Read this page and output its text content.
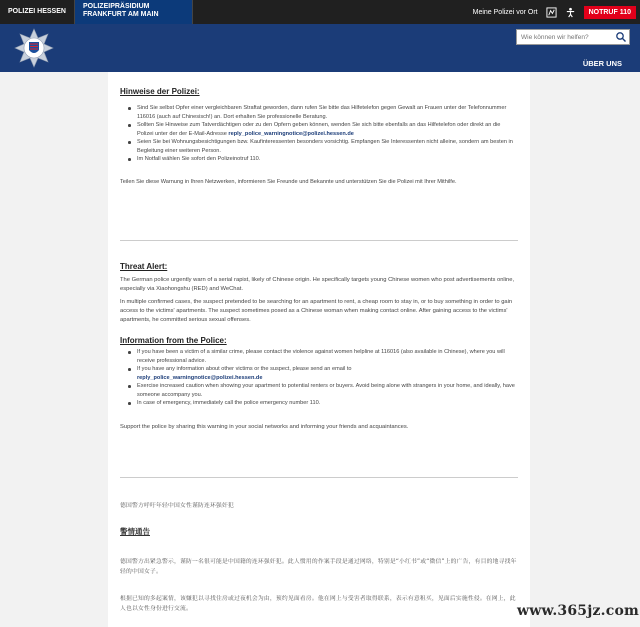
POLIZEI HESSEN
POLIZEIPRÄSIDIUM FRANKFURT AM MAIN	Meine Polizei vor Ort	NOTRUF 110
Wie können wir helfen?
ÜBER UNS
Hinweise der Polizei:
Sind Sie selbst Opfer einer vergleichbaren Straftat geworden, dann rufen Sie bitte das Hilfetelefon gegen Gewalt an Frauen unter der Telefonnummer 116016 (auch auf Chinesisch!) an. Dort erhalten Sie professionelle Beratung.
Sollten Sie Hinweise zum Tatverdächtigen oder zu den Opfern geben können, wenden Sie sich bitte ebenfalls an das Hilfetelefon oder direkt an die Polizei unter der der E-Mail-Adresse reply_police_warningnotice@polizei.hessen.de
Seien Sie bei Wohnungsbesichtigungen bzw. Kaufinteressenten besonders vorsichtig. Empfangen Sie Interessenten nicht alleine, sondern am besten in Begleitung einer weiteren Person.
Im Notfall wählen Sie sofort den Polizeinotruf 110.

Teilen Sie diese Warnung in Ihren Netzwerken, informieren Sie Freunde und Bekannte und unterstützen Sie die Polizei mit Ihrer Mithilfe.

Threat Alert:

The German police urgently warn of a serial rapist, likely of Chinese origin. He specifically targets young Chinese women who post advertisements online, especially via Xiaohongshu (RED) and WeChat.

In multiple confirmed cases, the suspect pretended to be searching for an apartment to rent, a cheap room to stay in, or to buy something in order to gain access to the victims' apartments. The suspect sometimes posed as a Chinese woman when making contact online. After gaining access to the victims' apartments, he committed serious sexual offenses.

Information from the Police:
If you have been a victim of a similar crime, please contact the violence against women helpline at 116016 (also available in Chinese), where you will receive professional advice.
If you have any information about other victims or the suspect, please send an email to
reply_police_warningnotice@polizei.hessen.de
Exercise increased caution when showing your apartment to potential renters or buyers. Avoid being alone with strangers in your home, and ideally, have someone accompany you.
In case of emergency, immediately call the police emergency number 110.

Support the police by sharing this warning in your social networks and informing your friends and acquaintances.

德国警方呼吁年轻中国女性谨防连环强奸犯
警情通告
德国警方出紧急警示，谨防一名很可能是中国籍的连环强奸犯。此人惯用的作案手段是通过网络，特别是“小红书”或“微信”上的广告，有目的地寻找年轻的中国女子。
根据已知的多起案情，该嫌犯以寻找住房或过夜机会为由，预约见面看房。他在网上与受害者取得联系，表示有意租买，见面后实施性侵。在网上，此人也以女性身份进行交流。	www.365jz.com
